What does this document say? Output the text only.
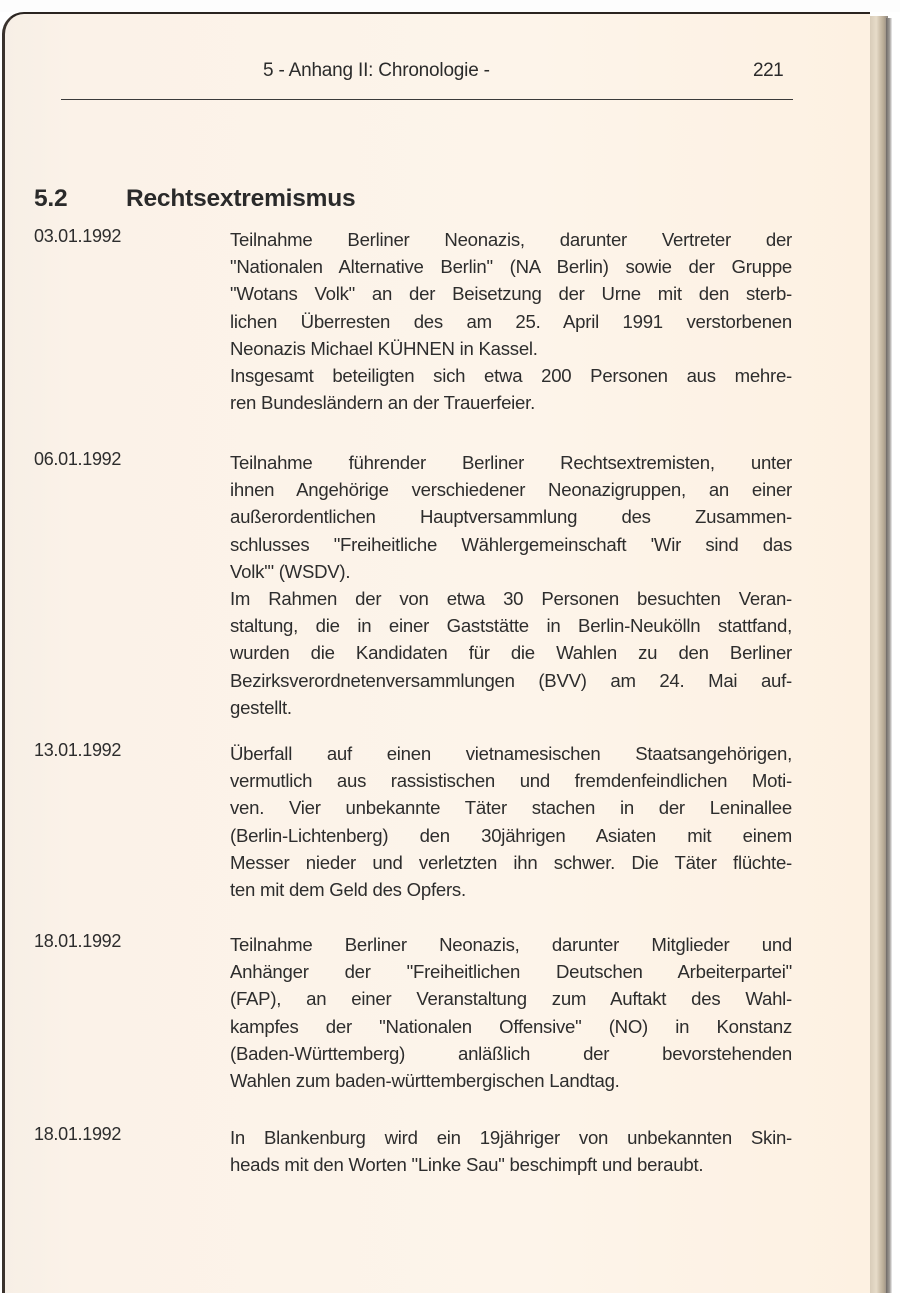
5 - Anhang II: Chronologie -	221
5.2 Rechtsextremismus
03.01.1992	Teilnahme Berliner Neonazis, darunter Vertreter der
"Nationalen Alternative Berlin" (NA Berlin) sowie der Gruppe
"Wotans Volk" an der Beisetzung der Urne mit den sterb-
lichen Überresten des am 25. April 1991 verstorbenen
Neonazis Michael KÜHNEN in Kassel.

Insgesamt beteiligten sich etwa 200 Personen aus mehre-
ren Bundesländern an der Trauerfeier.

06.01.1992	Teilnahme führender Berliner Rechtsextremisten, unter
ihnen Angehörige verschiedener Neonazigruppen, an einer
außerordentlichen Hauptversammlung des Zusammen-
schlusses "Freiheitliche Wählergemeinschaft 'Wir sind das
Volk'" (WSDV).

Im Rahmen der von etwa 30 Personen besuchten Veran-
staltung, die in einer Gaststätte in Berlin-Neukölln stattfand,
wurden die Kandidaten für die Wahlen zu den Berliner
Bezirksverordnetenversammlungen (BVV) am 24. Mai auf-
gestellt.

13.01.1992	Überfall auf einen vietnamesischen Staatsangehörigen,
vermutlich aus rassistischen und fremdenfeindlichen Moti-
ven. Vier unbekannte Täter stachen in der Leninallee
(Berlin-Lichtenberg) den 30jährigen Asiaten mit einem
Messer nieder und verletzten ihn schwer. Die Täter flüchte-
ten mit dem Geld des Opfers.

18.01.1992	Teilnahme Berliner Neonazis, darunter Mitglieder und
Anhänger der "Freiheitlichen Deutschen Arbeiterpartei"
(FAP), an einer Veranstaltung zum Auftakt des Wahl-
kampfes der "Nationalen Offensive" (NO) in Konstanz
(Baden-Württemberg) anläßlich der bevorstehenden
Wahlen zum baden-württembergischen Landtag.

18.01.1992	In Blankenburg wird ein 19jähriger von unbekannten Skin-
heads mit den Worten "Linke Sau" beschimpft und beraubt.
